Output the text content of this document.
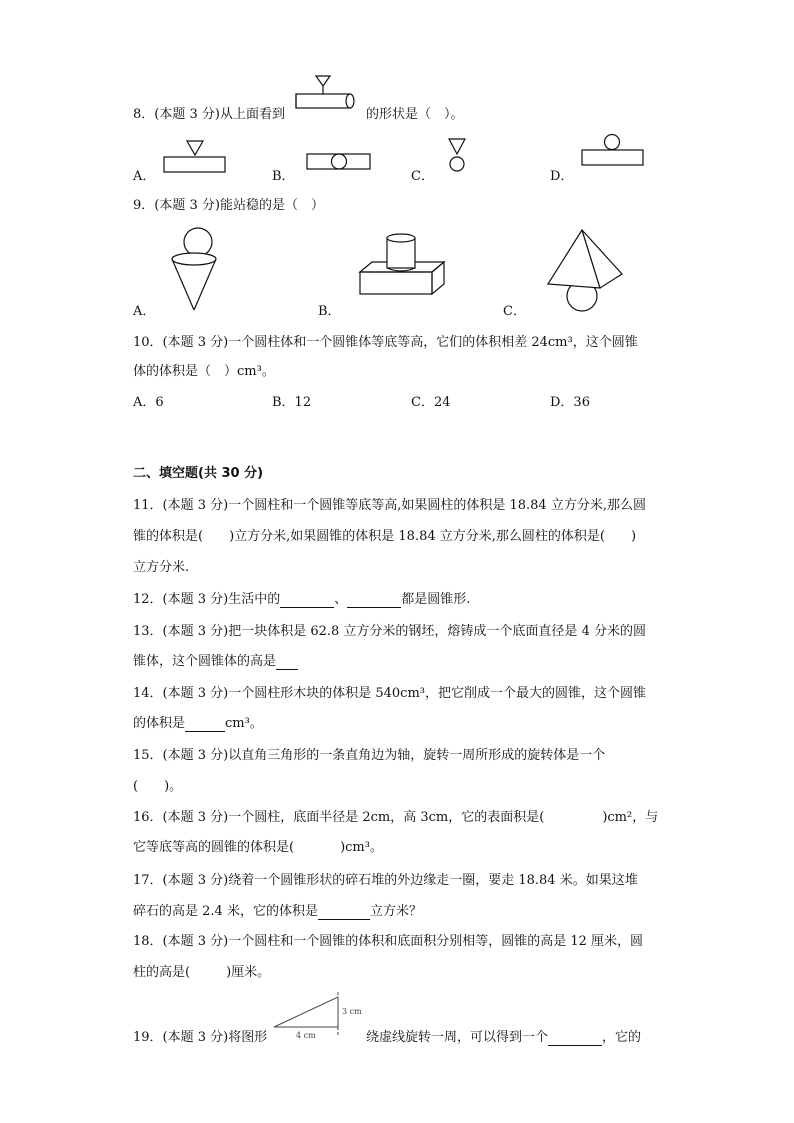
8．(本题 3 分)从上面看到	的形状是（　）。
A．	B．	C．	D．
9．(本题 3 分)能站稳的是（　）
A．	B．	C．
10．(本题 3 分)一个圆柱体和一个圆锥体等底等高，它们的体积相差 24cm³，这个圆锥
体的体积是（　）cm³。
A．6	B．12	C．24	D．36
二、填空题(共 30 分)
11．(本题 3 分)一个圆柱和一个圆锥等底等高,如果圆柱的体积是 18.84 立方分米,那么圆
锥的体积是(　　)立方分米,如果圆锥的体积是 18.84 立方分米,那么圆柱的体积是(　　)
立方分米.
12．(本题 3 分)生活中的	、	都是圆锥形.
13．(本题 3 分)把一块体积是 62.8 立方分米的钢坯，熔铸成一个底面直径是 4 分米的圆
锥体，这个圆锥体的高是
14．(本题 3 分)一个圆柱形木块的体积是 540cm³，把它削成一个最大的圆锥，这个圆锥
的体积是	cm³。
15．(本题 3 分)以直角三角形的一条直角边为轴，旋转一周所形成的旋转体是一个
(　　)。
16．(本题 3 分)一个圆柱，底面半径是 2cm，高 3cm，它的表面积是(	)cm²，与
它等底等高的圆锥的体积是(	)cm³。
17．(本题 3 分)绕着一个圆锥形状的碎石堆的外边缘走一圈，要走 18.84 米。如果这堆
碎石的高是 2.4 米，它的体积是	立方米？
18．(本题 3 分)一个圆柱和一个圆锥的体积和底面积分别相等，圆锥的高是 12 厘米，圆
柱的高是(	)厘米。
19．(本题 3 分)将图形
3 cm
4 cm	绕虚线旋转一周，可以得到一个	，它的
